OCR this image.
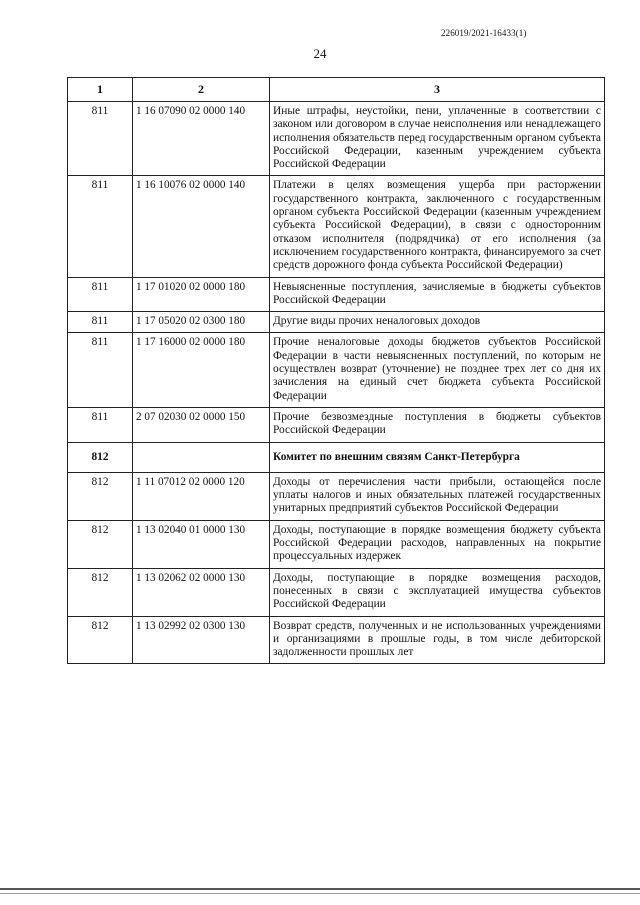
226019/2021-16433(1)
24
1	2	3
811	1 16 07090 02 0000 140	Иные штрафы, неустойки, пени, уплаченные в соответствии с законом или договором в случае неисполнения или ненадлежащего исполнения обязательств перед государственным органом субъекта Российской Федерации, казенным учреждением субъекта Российской Федерации
811	1 16 10076 02 0000 140	Платежи в целях возмещения ущерба при расторжении государственного контракта, заключенного с государственным органом субъекта Российской Федерации (казенным учреждением субъекта Российской Федерации), в связи с односторонним отказом исполнителя (подрядчика) от его исполнения (за исключением государственного контракта, финансируемого за счет средств дорожного фонда субъекта Российской Федерации)
811	1 17 01020 02 0000 180	Невыясненные поступления, зачисляемые в бюджеты субъектов Российской Федерации
811	1 17 05020 02 0300 180	Другие виды прочих неналоговых доходов
811	1 17 16000 02 0000 180	Прочие неналоговые доходы бюджетов субъектов Российской Федерации в части невыясненных поступлений, по которым не осуществлен возврат (уточнение) не позднее трех лет со дня их зачисления на единый счет бюджета субъекта Российской Федерации
811	2 07 02030 02 0000 150	Прочие безвозмездные поступления в бюджеты субъектов Российской Федерации
812		Комитет по внешним связям Санкт-Петербурга
812	1 11 07012 02 0000 120	Доходы от перечисления части прибыли, остающейся после уплаты налогов и иных обязательных платежей государственных унитарных предприятий субъектов Российской Федерации
812	1 13 02040 01 0000 130	Доходы, поступающие в порядке возмещения бюджету субъекта Российской Федерации расходов, направленных на покрытие процессуальных издержек
812	1 13 02062 02 0000 130	Доходы, поступающие в порядке возмещения расходов, понесенных в связи с эксплуатацией имущества субъектов Российской Федерации
812	1 13 02992 02 0300 130	Возврат средств, полученных и не использованных учреждениями и организациями в прошлые годы, в том числе дебиторской задолженности прошлых лет
